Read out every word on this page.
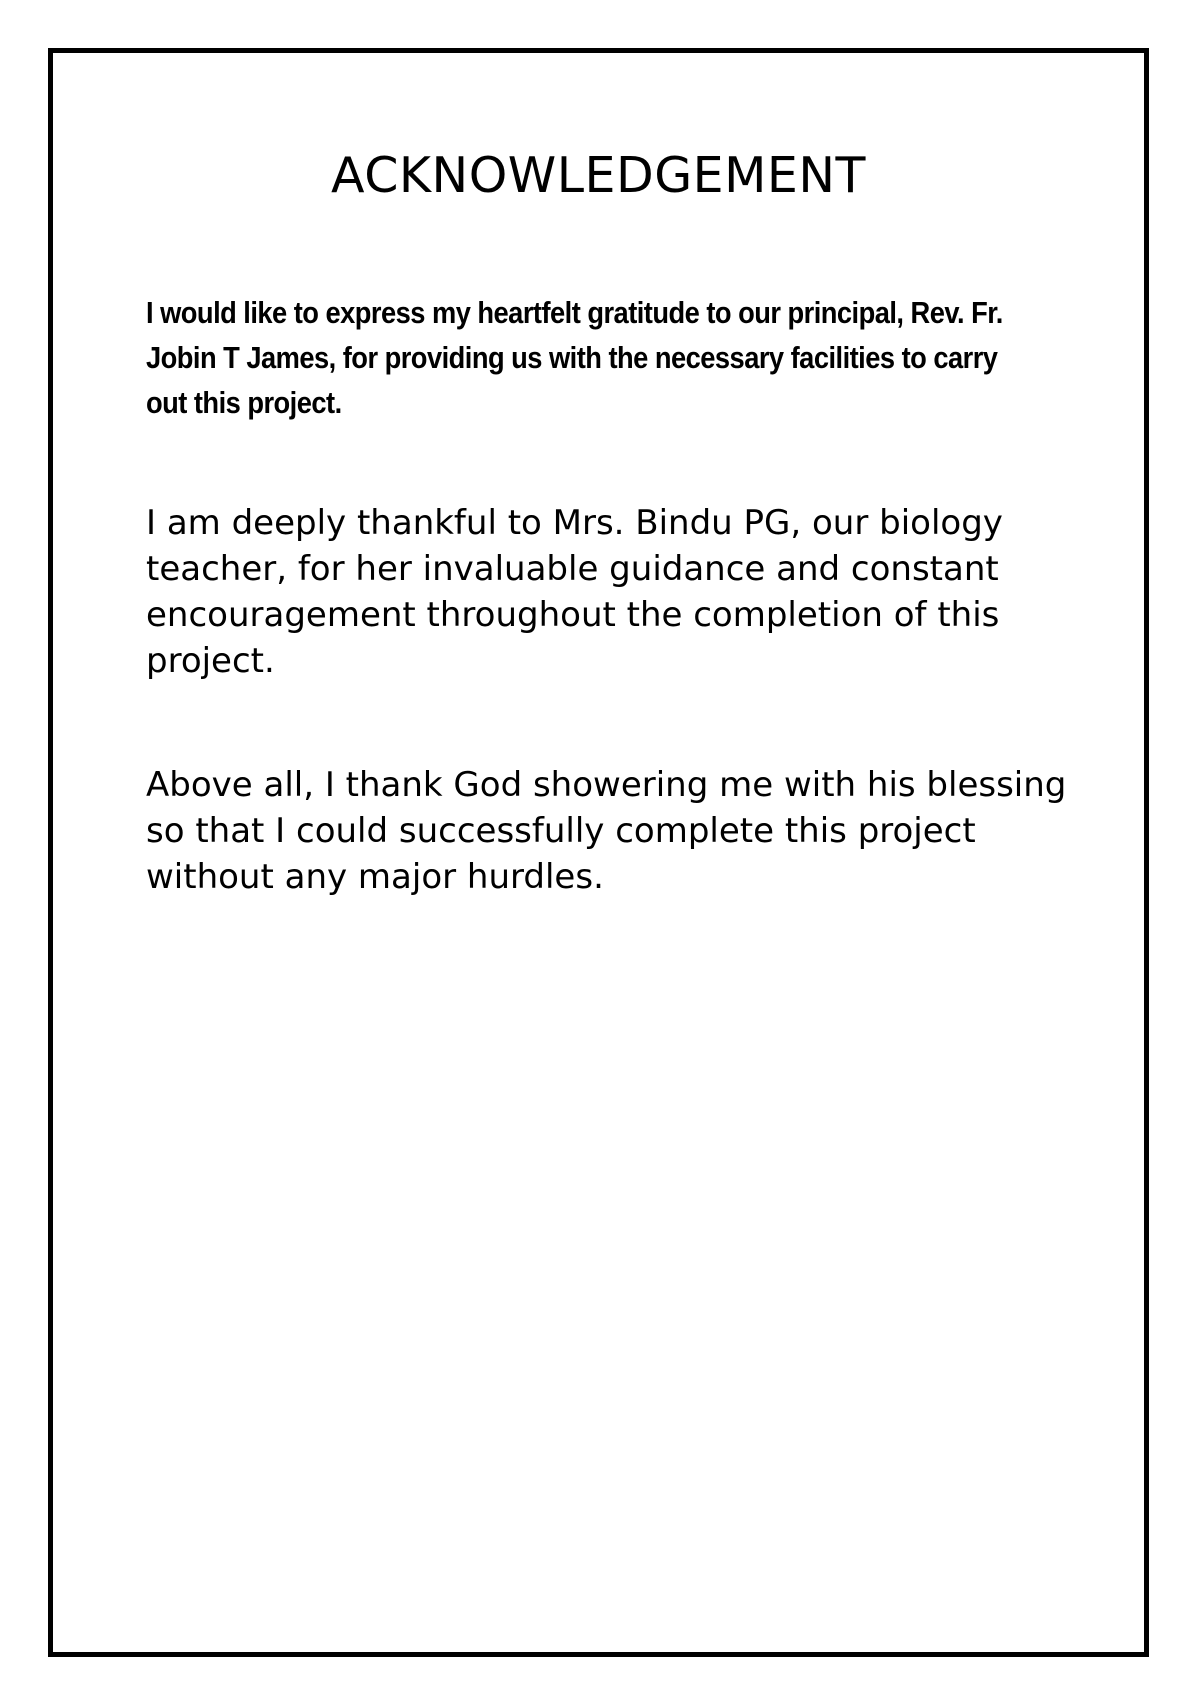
ACKNOWLEDGEMENT

I would like to express my heartfelt gratitude to our principal, Rev. Fr. Jobin T James, for providing us with the necessary facilities to carry out this project.

I am deeply thankful to Mrs. Bindu PG, our biology teacher, for her invaluable guidance and constant encouragement throughout the completion of this project.

Above all, I thank God showering me with his blessing so that I could successfully complete this project without any major hurdles.
